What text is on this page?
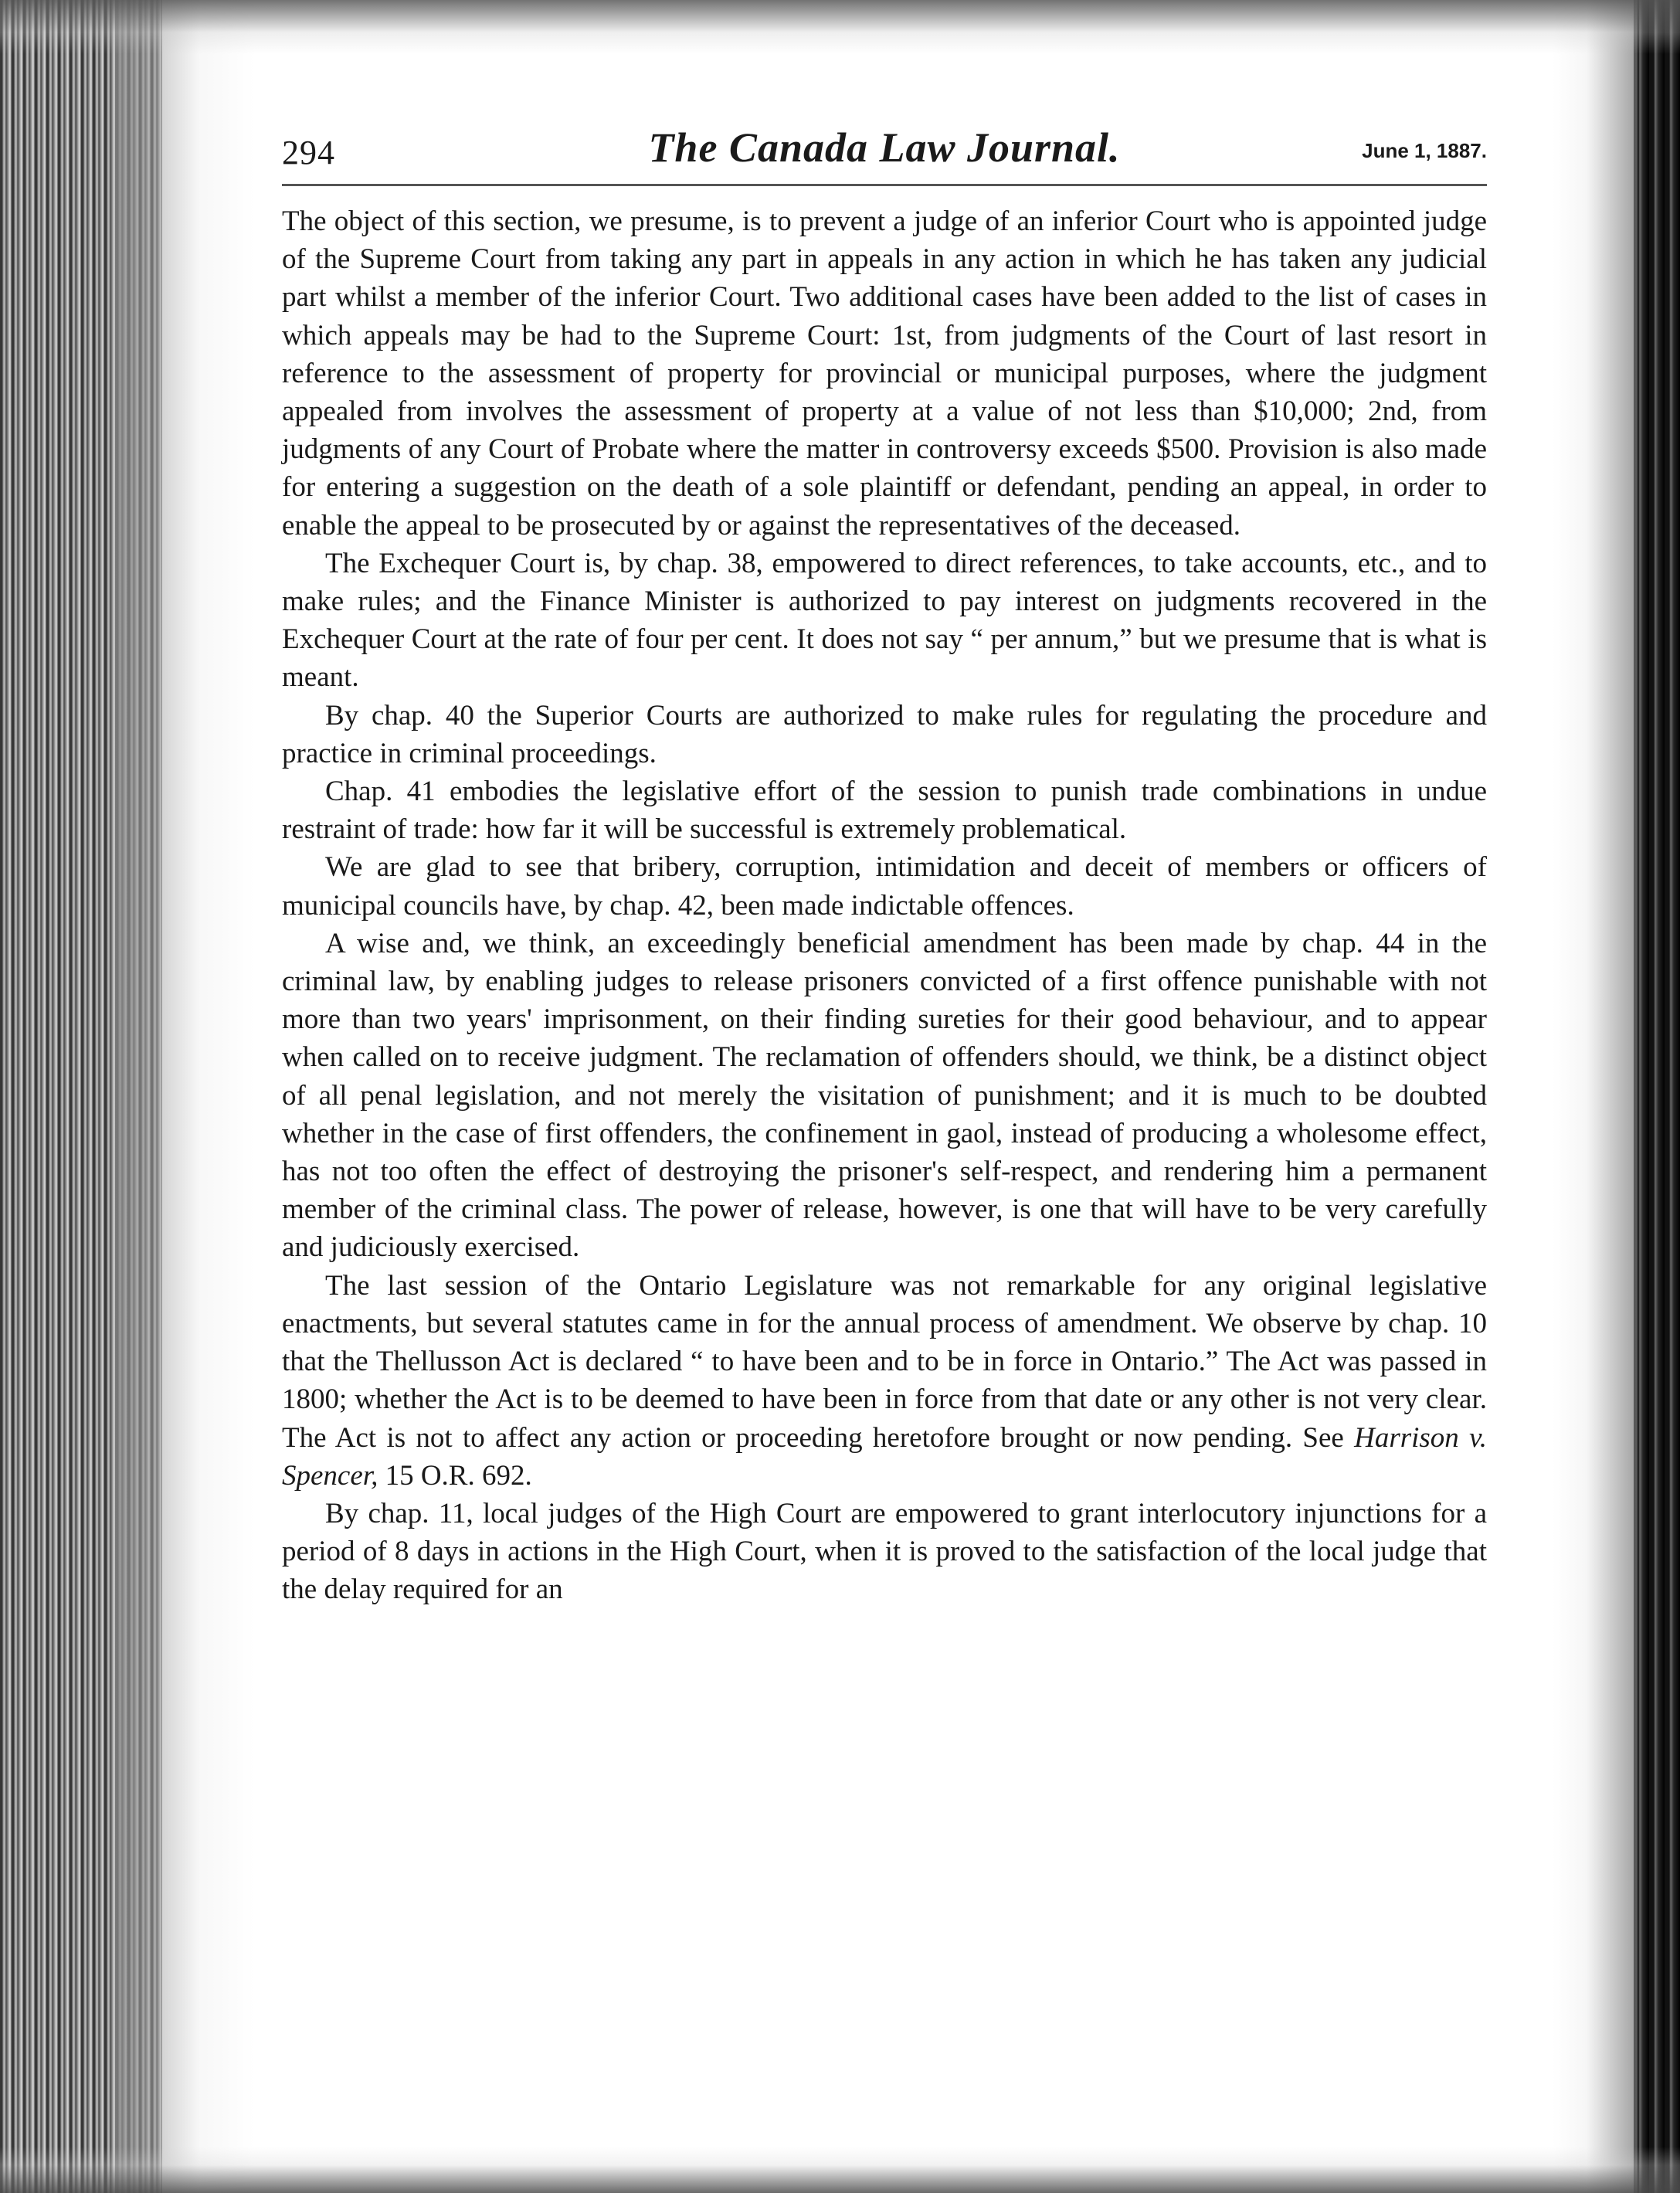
294	The Canada Law Journal.	June 1, 1887.

The object of this section, we presume, is to prevent a judge of an inferior Court who is appointed judge of the Supreme Court from taking any part in appeals in any action in which he has taken any judicial part whilst a member of the inferior Court. Two additional cases have been added to the list of cases in which appeals may be had to the Supreme Court: 1st, from judgments of the Court of last resort in reference to the assessment of property for provincial or municipal purposes, where the judgment appealed from involves the assessment of property at a value of not less than $10,000; 2nd, from judgments of any Court of Probate where the matter in controversy exceeds $500. Provision is also made for entering a suggestion on the death of a sole plaintiff or defendant, pending an appeal, in order to enable the appeal to be prosecuted by or against the representatives of the deceased.

The Exchequer Court is, by chap. 38, empowered to direct references, to take accounts, etc., and to make rules; and the Finance Minister is authorized to pay interest on judgments recovered in the Exchequer Court at the rate of four per cent. It does not say “ per annum,” but we presume that is what is meant.

By chap. 40 the Superior Courts are authorized to make rules for regulating the procedure and practice in criminal proceedings.

Chap. 41 embodies the legislative effort of the session to punish trade combinations in undue restraint of trade: how far it will be successful is extremely problematical.

We are glad to see that bribery, corruption, intimidation and deceit of members or officers of municipal councils have, by chap. 42, been made indictable offences.

A wise and, we think, an exceedingly beneficial amendment has been made by chap. 44 in the criminal law, by enabling judges to release prisoners convicted of a first offence punishable with not more than two years' imprisonment, on their finding sureties for their good behaviour, and to appear when called on to receive judgment. The reclamation of offenders should, we think, be a distinct object of all penal legislation, and not merely the visitation of punishment; and it is much to be doubted whether in the case of first offenders, the confinement in gaol, instead of producing a wholesome effect, has not too often the effect of destroying the prisoner's self-respect, and rendering him a permanent member of the criminal class. The power of release, however, is one that will have to be very carefully and judiciously exercised.

The last session of the Ontario Legislature was not remarkable for any original legislative enactments, but several statutes came in for the annual process of amendment. We observe by chap. 10 that the Thellusson Act is declared “ to have been and to be in force in Ontario.” The Act was passed in 1800; whether the Act is to be deemed to have been in force from that date or any other is not very clear. The Act is not to affect any action or proceeding heretofore brought or now pending. See Harrison v. Spencer, 15 O.R. 692.

By chap. 11, local judges of the High Court are empowered to grant interlocutory injunctions for a period of 8 days in actions in the High Court, when it is proved to the satisfaction of the local judge that the delay required for an
